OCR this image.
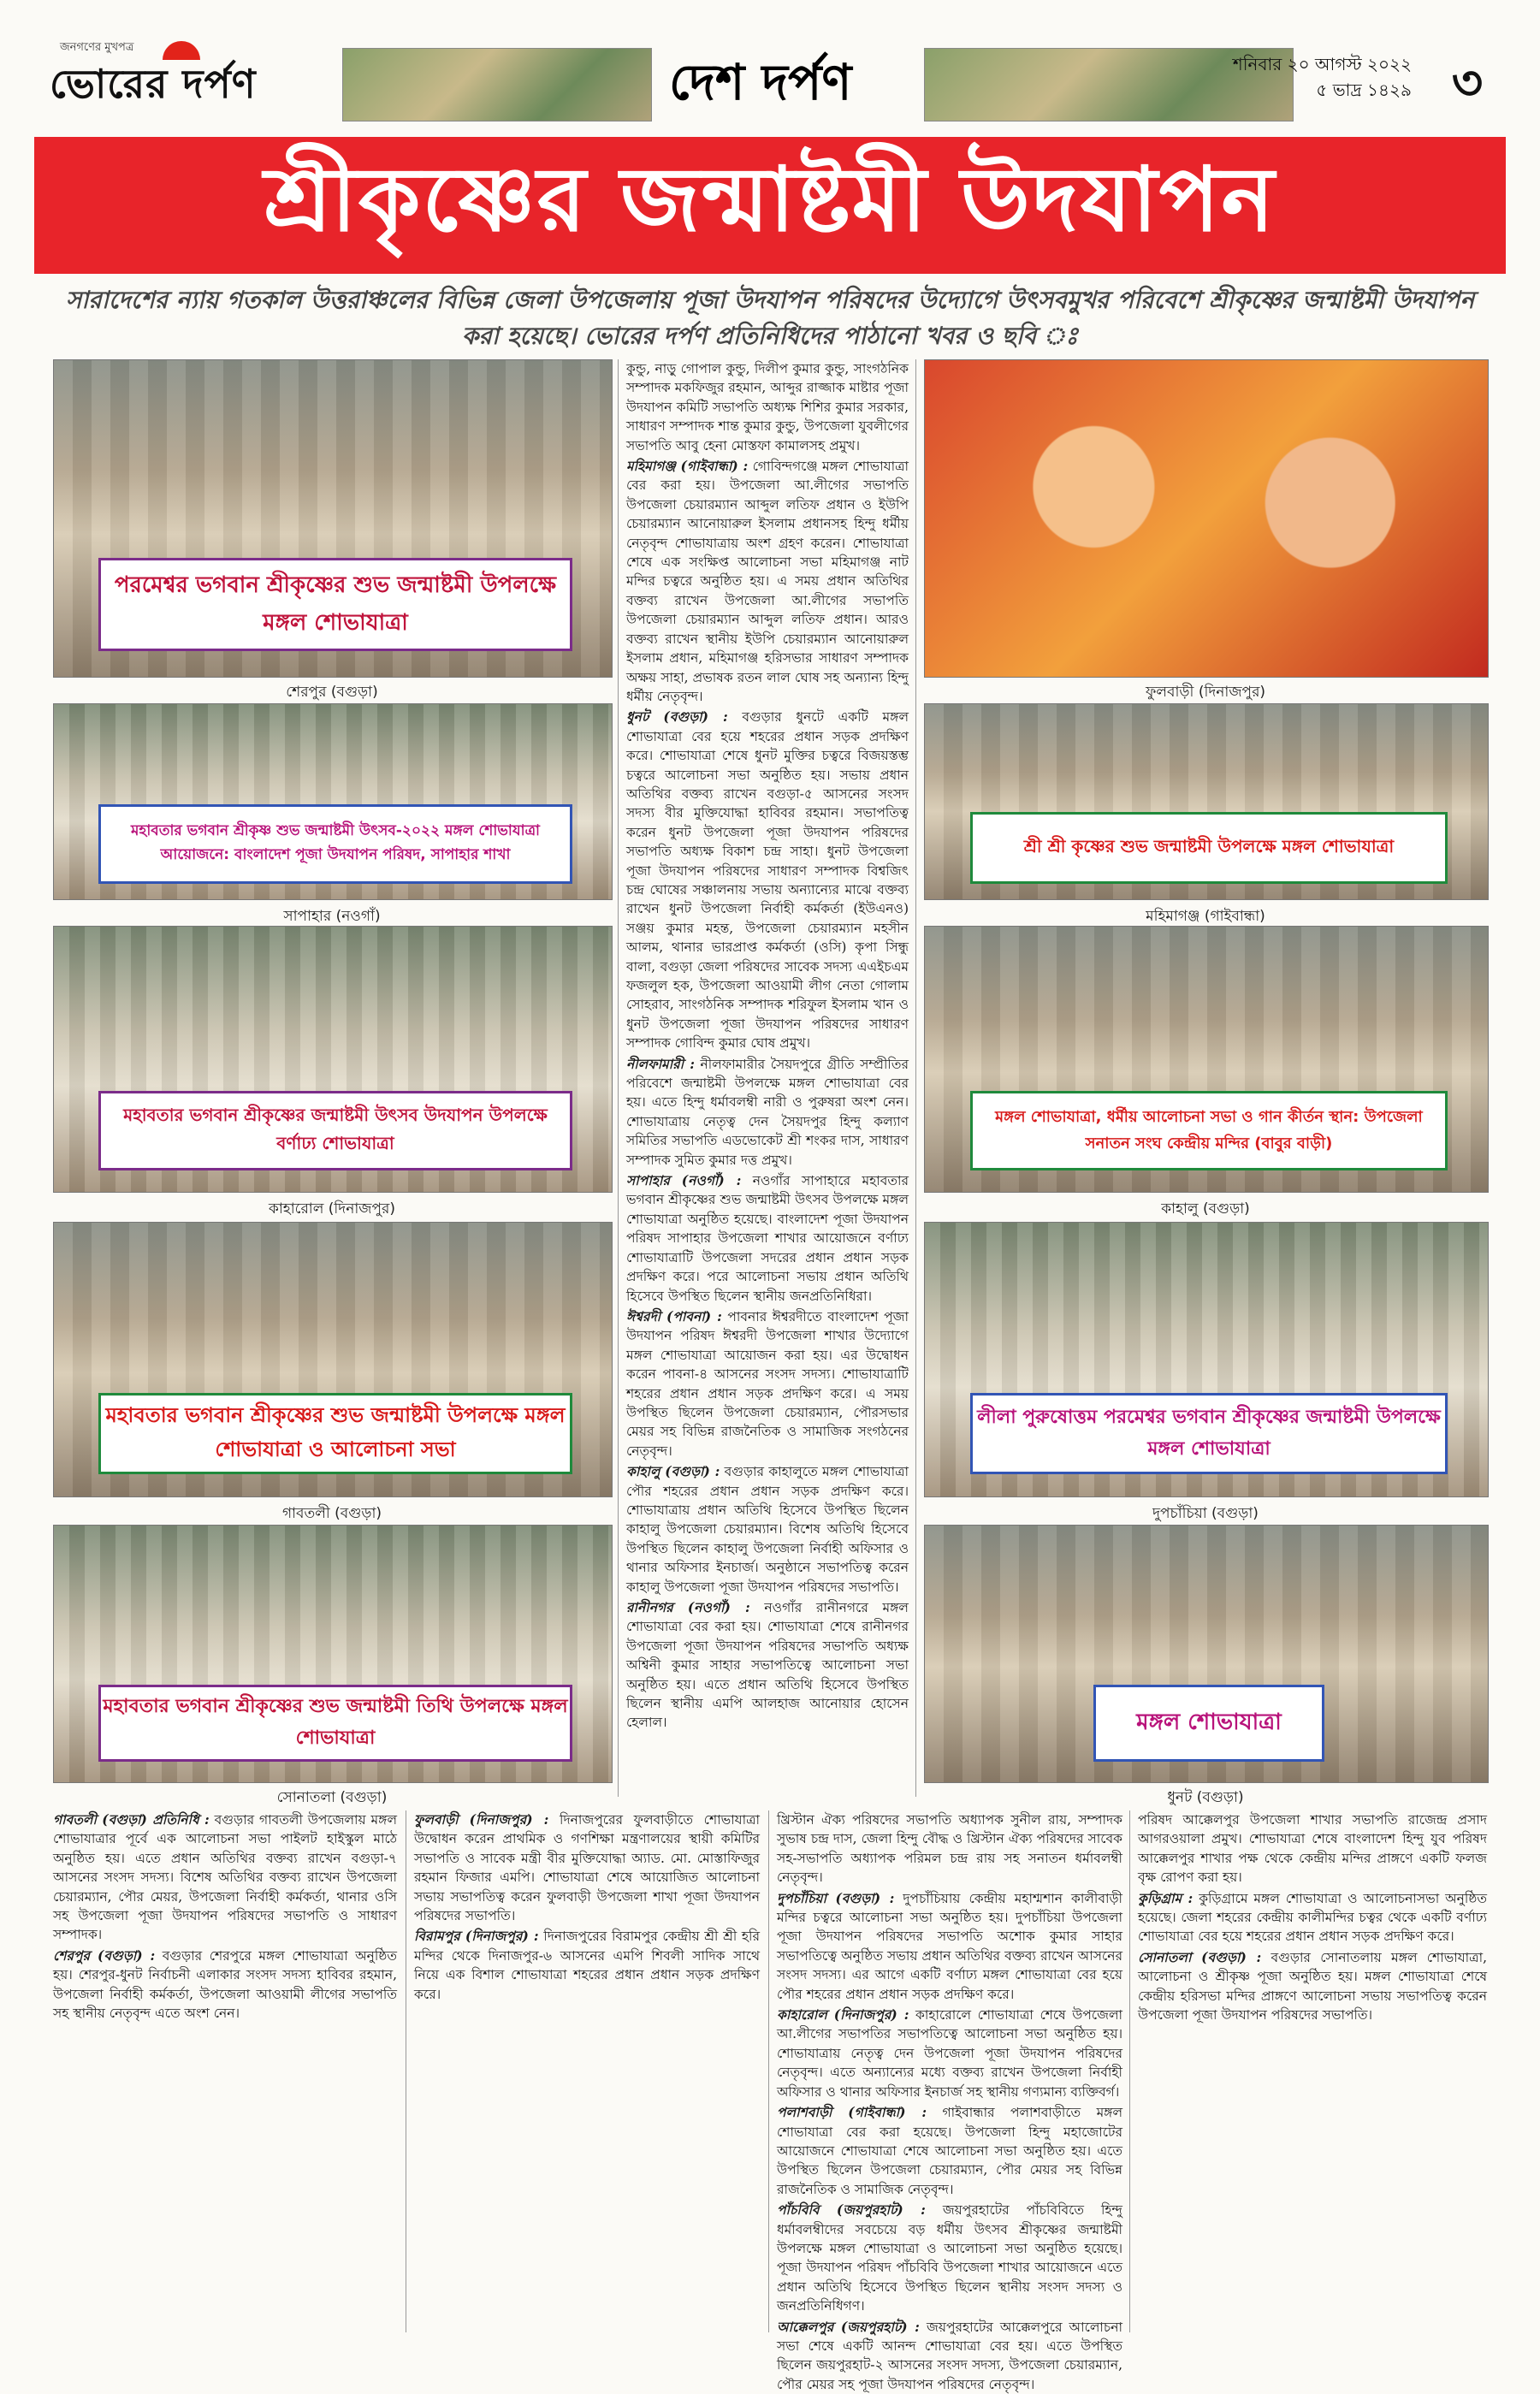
জনগণের মুখপত্র
ভোরের দর্পণ	দেশ দর্পণ	শনিবার ২০ আগস্ট ২০২২
৫ ভাদ্র ১৪২৯ ৩
শ্রীকৃষ্ণের জন্মাষ্টমী উদযাপন
সারাদেশের ন্যায় গতকাল উত্তরাঞ্চলের বিভিন্ন জেলা উপজেলায় পূজা উদযাপন পরিষদের উদ্যোগে উৎসবমুখর পরিবেশে শ্রীকৃষ্ণের জন্মাষ্টমী উদযাপন করা হয়েছে। ভোরের দর্পণ প্রতিনিধিদের পাঠানো খবর ও ছবি ঃ
পরমেশ্বর ভগবান শ্রীকৃষ্ণের শুভ জন্মাষ্টমী উপলক্ষে মঙ্গল শোভাযাত্রা
শেরপুর (বগুড়া)	ফুলবাড়ী (দিনাজপুর)
মহাবতার ভগবান শ্রীকৃষ্ণ শুভ জন্মাষ্টমী উৎসব-২০২২ মঙ্গল শোভাযাত্রা আয়োজনে: বাংলাদেশ পূজা উদযাপন পরিষদ, সাপাহার শাখা
সাপাহার (নওগাঁ)
শ্রী শ্রী কৃষ্ণের শুভ জন্মাষ্টমী উপলক্ষে মঙ্গল শোভাযাত্রা
মহিমাগঞ্জ (গাইবান্ধা)
মহাবতার ভগবান শ্রীকৃষ্ণের জন্মাষ্টমী উৎসব উদযাপন উপলক্ষে বর্ণাঢ্য শোভাযাত্রা
কাহারোল (দিনাজপুর)
মঙ্গল শোভাযাত্রা, ধর্মীয় আলোচনা সভা ও গান কীর্তন স্থান: উপজেলা সনাতন সংঘ কেন্দ্রীয় মন্দির (বাবুর বাড়ী)
কাহালু (বগুড়া)
মহাবতার ভগবান শ্রীকৃষ্ণের শুভ জন্মাষ্টমী উপলক্ষে মঙ্গল শোভাযাত্রা ও আলোচনা সভা
গাবতলী (বগুড়া)
লীলা পুরুষোত্তম পরমেশ্বর ভগবান শ্রীকৃষ্ণের জন্মাষ্টমী উপলক্ষে মঙ্গল শোভাযাত্রা
দুপচাঁচিয়া (বগুড়া)
মহাবতার ভগবান শ্রীকৃষ্ণের শুভ জন্মাষ্টমী তিথি উপলক্ষে মঙ্গল শোভাযাত্রা
সোনাতলা (বগুড়া)
মঙ্গল শোভাযাত্রা
ধুনট (বগুড়া)

কুন্ডু, নাড়ু গোপাল কুন্ডু, দিলীপ কুমার কুন্ডু, সাংগঠনিক সম্পাদক মকফিজুর রহমান, আব্দুর রাজ্জাক মাষ্টার পূজা উদযাপন কমিটি সভাপতি অধ্যক্ষ শিশির কুমার সরকার, সাধারণ সম্পাদক শান্ত কুমার কুন্ডু, উপজেলা যুবলীগের সভাপতি আবু হেনা মোস্তফা কামালসহ প্রমুখ।

মহিমাগঞ্জ (গাইবান্ধা) : গোবিন্দগঞ্জে মঙ্গল শোভাযাত্রা বের করা হয়। উপজেলা আ.লীগের সভাপতি উপজেলা চেয়ারম্যান আব্দুল লতিফ প্রধান ও ইউপি চেয়ারম্যান আনোয়ারুল ইসলাম প্রধানসহ হিন্দু ধর্মীয় নেতৃবৃন্দ শোভাযাত্রায় অংশ গ্রহণ করেন। শোভাযাত্রা শেষে এক সংক্ষিপ্ত আলোচনা সভা মহিমাগঞ্জ নাট মন্দির চত্বরে অনুষ্ঠিত হয়। এ সময় প্রধান অতিথির বক্তব্য রাখেন উপজেলা আ.লীগের সভাপতি উপজেলা চেয়ারম্যান আব্দুল লতিফ প্রধান। আরও বক্তব্য রাখেন স্থানীয় ইউপি চেয়ারম্যান আনোয়ারুল ইসলাম প্রধান, মহিমাগঞ্জ হরিসভার সাধারণ সম্পাদক অক্ষয় সাহা, প্রভাষক রতন লাল ঘোষ সহ অন্যান্য হিন্দু ধর্মীয় নেতৃবৃন্দ।

ধুনট (বগুড়া) : বগুড়ার ধুনটে একটি মঙ্গল শোভাযাত্রা বের হয়ে শহরের প্রধান সড়ক প্রদক্ষিণ করে। শোভাযাত্রা শেষে ধুনট মুক্তির চত্বরে বিজয়স্তম্ভ চত্বরে আলোচনা সভা অনুষ্ঠিত হয়। সভায় প্রধান অতিথির বক্তব্য রাখেন বগুড়া-৫ আসনের সংসদ সদস্য বীর মুক্তিযোদ্ধা হাবিবর রহমান। সভাপতিত্ব করেন ধুনট উপজেলা পূজা উদযাপন পরিষদের সভাপতি অধ্যক্ষ বিকাশ চন্দ্র সাহা। ধুনট উপজেলা পূজা উদযাপন পরিষদের সাধারণ সম্পাদক বিশ্বজিৎ চন্দ্র ঘোষের সঞ্চালনায় সভায় অন্যান্যের মাঝে বক্তব্য রাখেন ধুনট উপজেলা নির্বাহী কর্মকর্তা (ইউএনও) সঞ্জয় কুমার মহন্ত, উপজেলা চেয়ারম্যান মহসীন আলম, থানার ভারপ্রাপ্ত কর্মকর্তা (ওসি) কৃপা সিন্ধু বালা, বগুড়া জেলা পরিষদের সাবেক সদস্য এএইচএম ফজলুল হক, উপজেলা আওয়ামী লীগ নেতা গোলাম সোহরাব, সাংগঠনিক সম্পাদক শরিফুল ইসলাম খান ও ধুনট উপজেলা পূজা উদযাপন পরিষদের সাধারণ সম্পাদক গোবিন্দ কুমার ঘোষ প্রমুখ।

নীলফামারী : নীলফামারীর সৈয়দপুরে গ্রীতি সম্প্রীতির পরিবেশে জন্মাষ্টমী উপলক্ষে মঙ্গল শোভাযাত্রা বের হয়। এতে হিন্দু ধর্মাবলম্বী নারী ও পুরুষরা অংশ নেন। শোভাযাত্রায় নেতৃত্ব দেন সৈয়দপুর হিন্দু কল্যাণ সমিতির সভাপতি এডভোকেট শ্রী শংকর দাস, সাধারণ সম্পাদক সুমিত কুমার দত্ত প্রমুখ।

সাপাহার (নওগাঁ) : নওগাঁর সাপাহারে মহাবতার ভগবান শ্রীকৃষ্ণের শুভ জন্মাষ্টমী উৎসব উপলক্ষে মঙ্গল শোভাযাত্রা অনুষ্ঠিত হয়েছে। বাংলাদেশ পূজা উদযাপন পরিষদ সাপাহার উপজেলা শাখার আয়োজনে বর্ণাঢ্য শোভাযাত্রাটি উপজেলা সদরের প্রধান প্রধান সড়ক প্রদক্ষিণ করে। পরে আলোচনা সভায় প্রধান অতিথি হিসেবে উপস্থিত ছিলেন স্থানীয় জনপ্রতিনিধিরা।

ঈশ্বরদী (পাবনা) : পাবনার ঈশ্বরদীতে বাংলাদেশ পূজা উদযাপন পরিষদ ঈশ্বরদী উপজেলা শাখার উদ্যোগে মঙ্গল শোভাযাত্রা আয়োজন করা হয়। এর উদ্বোধন করেন পাবনা-৪ আসনের সংসদ সদস্য। শোভাযাত্রাটি শহরের প্রধান প্রধান সড়ক প্রদক্ষিণ করে। এ সময় উপস্থিত ছিলেন উপজেলা চেয়ারম্যান, পৌরসভার মেয়র সহ বিভিন্ন রাজনৈতিক ও সামাজিক সংগঠনের নেতৃবৃন্দ।

কাহালু (বগুড়া) : বগুড়ার কাহালুতে মঙ্গল শোভাযাত্রা পৌর শহরের প্রধান প্রধান সড়ক প্রদক্ষিণ করে। শোভাযাত্রায় প্রধান অতিথি হিসেবে উপস্থিত ছিলেন কাহালু উপজেলা চেয়ারম্যান। বিশেষ অতিথি হিসেবে উপস্থিত ছিলেন কাহালু উপজেলা নির্বাহী অফিসার ও থানার অফিসার ইনচার্জ। অনুষ্ঠানে সভাপতিত্ব করেন কাহালু উপজেলা পূজা উদযাপন পরিষদের সভাপতি।

রানীনগর (নওগাঁ) : নওগাঁর রানীনগরে মঙ্গল শোভাযাত্রা বের করা হয়। শোভাযাত্রা শেষে রানীনগর উপজেলা পূজা উদযাপন পরিষদের সভাপতি অধ্যক্ষ অশ্বিনী কুমার সাহার সভাপতিত্বে আলোচনা সভা অনুষ্ঠিত হয়। এতে প্রধান অতিথি হিসেবে উপস্থিত ছিলেন স্থানীয় এমপি আলহাজ আনোয়ার হোসেন হেলাল।

গাবতলী (বগুড়া) প্রতিনিধি : বগুড়ার গাবতলী উপজেলায় মঙ্গল শোভাযাত্রার পূর্বে এক আলোচনা সভা পাইলট হাইস্কুল মাঠে অনুষ্ঠিত হয়। এতে প্রধান অতিথির বক্তব্য রাখেন বগুড়া-৭ আসনের সংসদ সদস্য। বিশেষ অতিথির বক্তব্য রাখেন উপজেলা চেয়ারম্যান, পৌর মেয়র, উপজেলা নির্বাহী কর্মকর্তা, থানার ওসি সহ উপজেলা পূজা উদযাপন পরিষদের সভাপতি ও সাধারণ সম্পাদক।

শেরপুর (বগুড়া) : বগুড়ার শেরপুরে মঙ্গল শোভাযাত্রা অনুষ্ঠিত হয়। শেরপুর-ধুনট নির্বাচনী এলাকার সংসদ সদস্য হাবিবর রহমান, উপজেলা নির্বাহী কর্মকর্তা, উপজেলা আওয়ামী লীগের সভাপতি সহ স্থানীয় নেতৃবৃন্দ এতে অংশ নেন।

ফুলবাড়ী (দিনাজপুর) : দিনাজপুরের ফুলবাড়ীতে শোভাযাত্রা উদ্বোধন করেন প্রাথমিক ও গণশিক্ষা মন্ত্রণালয়ের স্থায়ী কমিটির সভাপতি ও সাবেক মন্ত্রী বীর মুক্তিযোদ্ধা অ্যাড. মো. মোস্তাফিজুর রহমান ফিজার এমপি। শোভাযাত্রা শেষে আয়োজিত আলোচনা সভায় সভাপতিত্ব করেন ফুলবাড়ী উপজেলা শাখা পূজা উদযাপন পরিষদের সভাপতি।

বিরামপুর (দিনাজপুর) : দিনাজপুরের বিরামপুর কেন্দ্রীয় শ্রী শ্রী হরি মন্দির থেকে দিনাজপুর-৬ আসনের এমপি শিবলী সাদিক সাথে নিয়ে এক বিশাল শোভাযাত্রা শহরের প্রধান প্রধান সড়ক প্রদক্ষিণ করে।

খ্রিস্টান ঐক্য পরিষদের সভাপতি অধ্যাপক সুনীল রায়, সম্পাদক সুভাষ চন্দ্র দাস, জেলা হিন্দু বৌদ্ধ ও খ্রিস্টান ঐক্য পরিষদের সাবেক সহ-সভাপতি অধ্যাপক পরিমল চন্দ্র রায় সহ সনাতন ধর্মাবলম্বী নেতৃবৃন্দ।

দুপচাঁচিয়া (বগুড়া) : দুপচাঁচিয়ায় কেন্দ্রীয় মহাশ্মশান কালীবাড়ী মন্দির চত্বরে আলোচনা সভা অনুষ্ঠিত হয়। দুপচাঁচিয়া উপজেলা পূজা উদযাপন পরিষদের সভাপতি অশোক কুমার সাহার সভাপতিত্বে অনুষ্ঠিত সভায় প্রধান অতিথির বক্তব্য রাখেন আসনের সংসদ সদস্য। এর আগে একটি বর্ণাঢ্য মঙ্গল শোভাযাত্রা বের হয়ে পৌর শহরের প্রধান প্রধান সড়ক প্রদক্ষিণ করে।

কাহারোল (দিনাজপুর) : কাহারোলে শোভাযাত্রা শেষে উপজেলা আ.লীগের সভাপতির সভাপতিত্বে আলোচনা সভা অনুষ্ঠিত হয়। শোভাযাত্রায় নেতৃত্ব দেন উপজেলা পূজা উদযাপন পরিষদের নেতৃবৃন্দ। এতে অন্যান্যের মধ্যে বক্তব্য রাখেন উপজেলা নির্বাহী অফিসার ও থানার অফিসার ইনচার্জ সহ স্থানীয় গণ্যমান্য ব্যক্তিবর্গ।

পলাশবাড়ী (গাইবান্ধা) : গাইবান্ধার পলাশবাড়ীতে মঙ্গল শোভাযাত্রা বের করা হয়েছে। উপজেলা হিন্দু মহাজোটের আয়োজনে শোভাযাত্রা শেষে আলোচনা সভা অনুষ্ঠিত হয়। এতে উপস্থিত ছিলেন উপজেলা চেয়ারম্যান, পৌর মেয়র সহ বিভিন্ন রাজনৈতিক ও সামাজিক নেতৃবৃন্দ।

পাঁচবিবি (জয়পুরহাট) : জয়পুরহাটের পাঁচবিবিতে হিন্দু ধর্মাবলম্বীদের সবচেয়ে বড় ধর্মীয় উৎসব শ্রীকৃষ্ণের জন্মাষ্টমী উপলক্ষে মঙ্গল শোভাযাত্রা ও আলোচনা সভা অনুষ্ঠিত হয়েছে। পূজা উদযাপন পরিষদ পাঁচবিবি উপজেলা শাখার আয়োজনে এতে প্রধান অতিথি হিসেবে উপস্থিত ছিলেন স্থানীয় সংসদ সদস্য ও জনপ্রতিনিধিগণ।

আক্কেলপুর (জয়পুরহাট) : জয়পুরহাটের আক্কেলপুরে আলোচনা সভা শেষে একটি আনন্দ শোভাযাত্রা বের হয়। এতে উপস্থিত ছিলেন জয়পুরহাট-২ আসনের সংসদ সদস্য, উপজেলা চেয়ারম্যান, পৌর মেয়র সহ পূজা উদযাপন পরিষদের নেতৃবৃন্দ।

পরিষদ আক্কেলপুর উপজেলা শাখার সভাপতি রাজেন্দ্র প্রসাদ আগরওয়ালা প্রমুখ। শোভাযাত্রা শেষে বাংলাদেশ হিন্দু যুব পরিষদ আক্কেলপুর শাখার পক্ষ থেকে কেন্দ্রীয় মন্দির প্রাঙ্গণে একটি ফলজ বৃক্ষ রোপণ করা হয়।

কুড়িগ্রাম : কুড়িগ্রামে মঙ্গল শোভাযাত্রা ও আলোচনাসভা অনুষ্ঠিত হয়েছে। জেলা শহরের কেন্দ্রীয় কালীমন্দির চত্বর থেকে একটি বর্ণাঢ্য শোভাযাত্রা বের হয়ে শহরের প্রধান প্রধান সড়ক প্রদক্ষিণ করে।

সোনাতলা (বগুড়া) : বগুড়ার সোনাতলায় মঙ্গল শোভাযাত্রা, আলোচনা ও শ্রীকৃষ্ণ পূজা অনুষ্ঠিত হয়। মঙ্গল শোভাযাত্রা শেষে কেন্দ্রীয় হরিসভা মন্দির প্রাঙ্গণে আলোচনা সভায় সভাপতিত্ব করেন উপজেলা পূজা উদযাপন পরিষদের সভাপতি।
